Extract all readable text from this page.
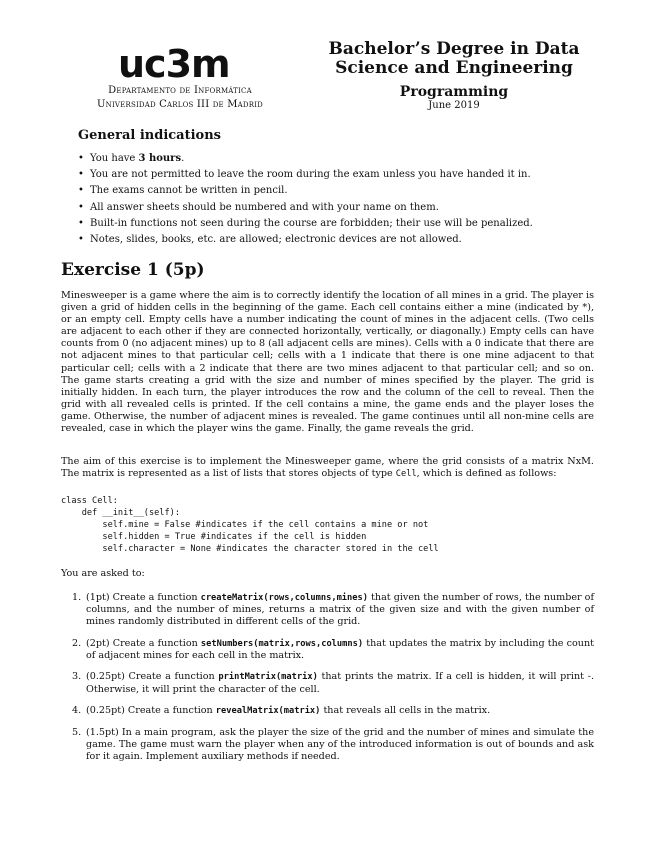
uc3m
Departamento de Informática
Universidad Carlos III de Madrid
Bachelor’s Degree in Data
Science and Engineering
Programming
June 2019
General indications
• You have 3 hours.
• You are not permitted to leave the room during the exam unless you have handed it in.
• The exams cannot be written in pencil.
• All answer sheets should be numbered and with your name on them.
• Built-in functions not seen during the course are forbidden; their use will be penalized.
• Notes, slides, books, etc. are allowed; electronic devices are not allowed.
Exercise 1 (5p)
Minesweeper is a game where the aim is to correctly identify the location of all mines in a grid. The player is given a grid of hidden cells in the beginning of the game. Each cell contains either a mine (indicated by *), or an empty cell. Empty cells have a number indicating the count of mines in the adjacent cells. (Two cells are adjacent to each other if they are connected horizontally, vertically, or diagonally.) Empty cells can have counts from 0 (no adjacent mines) up to 8 (all adjacent cells are mines). Cells with a 0 indicate that there are not adjacent mines to that particular cell; cells with a 1 indicate that there is one mine adjacent to that particular cell; cells with a 2 indicate that there are two mines adjacent to that particular cell; and so on. The game starts creating a grid with the size and number of mines specified by the player. The grid is initially hidden. In each turn, the player introduces the row and the column of the cell to reveal. Then the grid with all revealed cells is printed. If the cell contains a mine, the game ends and the player loses the game. Otherwise, the number of adjacent mines is revealed. The game continues until all non-mine cells are revealed, case in which the player wins the game. Finally, the game reveals the grid.
The aim of this exercise is to implement the Minesweeper game, where the grid consists of a matrix NxM. The matrix is represented as a list of lists that stores objects of type Cell, which is defined as follows:
class Cell:
def __init__(self):
self.mine = False #indicates if the cell contains a mine or not
self.hidden = True #indicates if the cell is hidden
self.character = None #indicates the character stored in the cell
You are asked to:
1. (1pt) Create a function createMatrix(rows,columns,mines) that given the number of rows, the number of columns, and the number of mines, returns a matrix of the given size and with the given number of mines randomly distributed in different cells of the grid.
2. (2pt) Create a function setNumbers(matrix,rows,columns) that updates the matrix by including the count of adjacent mines for each cell in the matrix.
3. (0.25pt) Create a function printMatrix(matrix) that prints the matrix. If a cell is hidden, it will print -. Otherwise, it will print the character of the cell.
4. (0.25pt) Create a function revealMatrix(matrix) that reveals all cells in the matrix.
5. (1.5pt) In a main program, ask the player the size of the grid and the number of mines and simulate the game. The game must warn the player when any of the introduced information is out of bounds and ask for it again. Implement auxiliary methods if needed.
